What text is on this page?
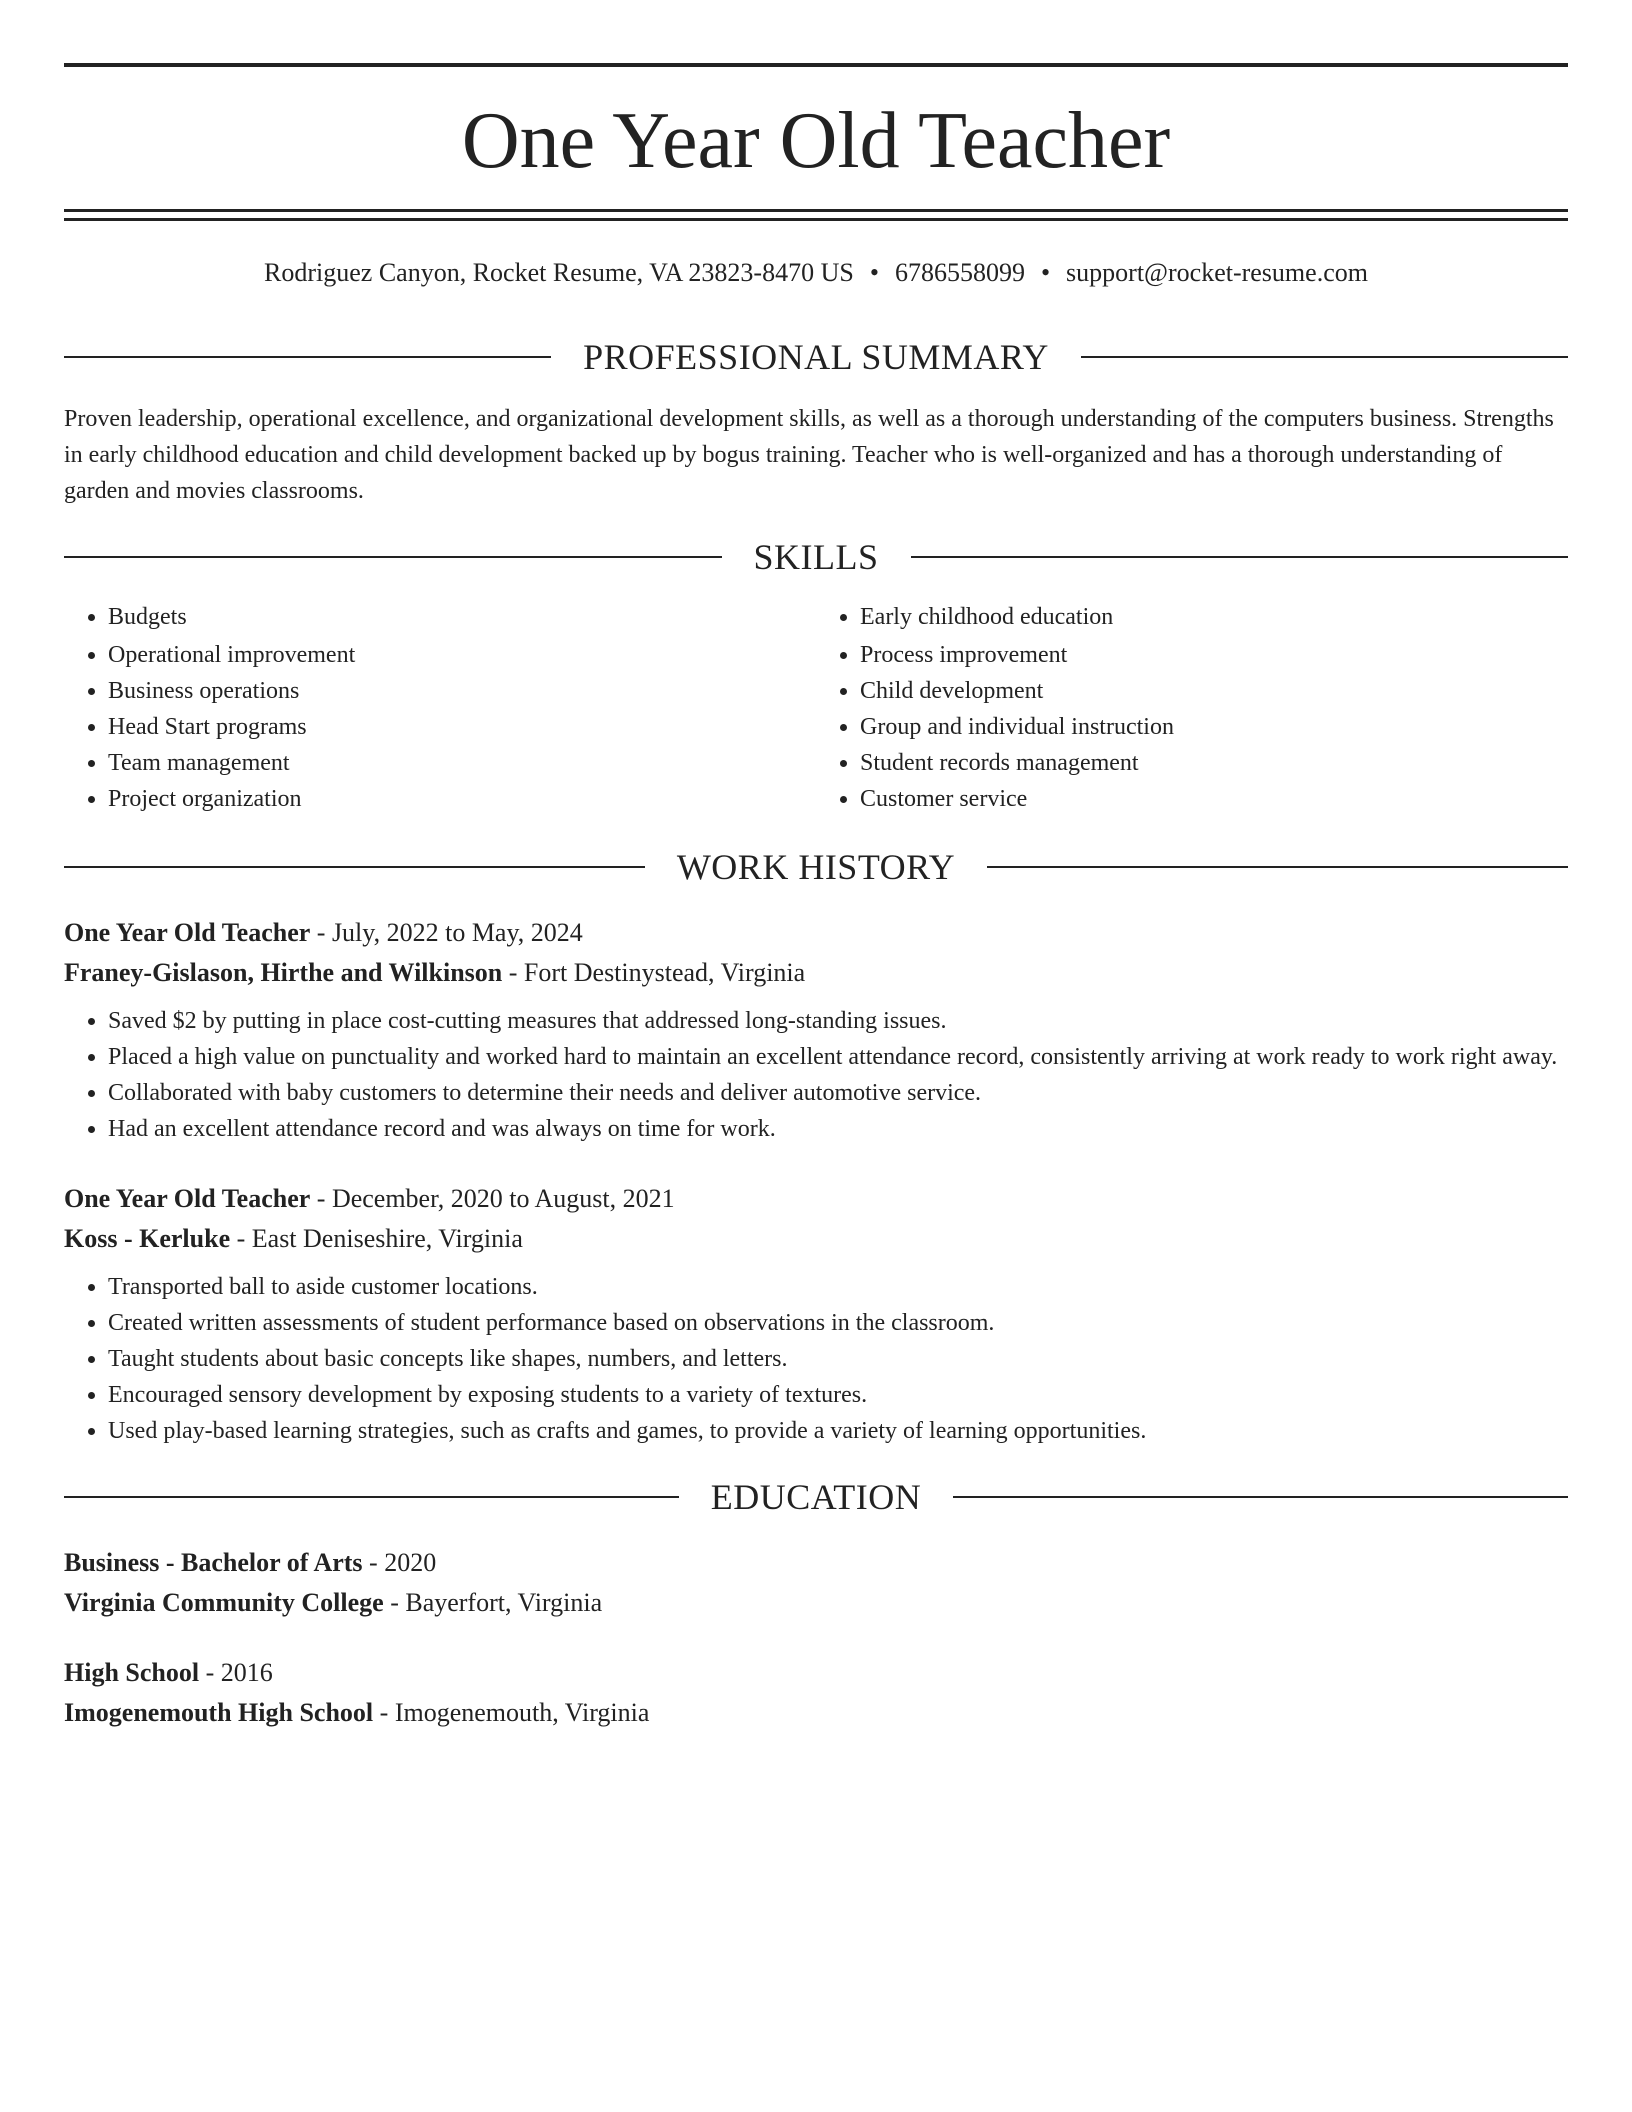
One Year Old Teacher
Rodriguez Canyon, Rocket Resume, VA 23823-8470 US • 6786558099 • support@rocket-resume.com
PROFESSIONAL SUMMARY

Proven leadership, operational excellence, and organizational development skills, as well as a thorough understanding of the computers business. Strengths in early childhood education and child development backed up by bogus training. Teacher who is well-organized and has a thorough understanding of garden and movies classrooms.

SKILLS
• Budgets
• Operational improvement
• Business operations
• Head Start programs
• Team management
• Project organization
• Early childhood education
• Process improvement
• Child development
• Group and individual instruction
• Student records management
• Customer service
WORK HISTORY
One Year Old Teacher - July, 2022 to May, 2024
Franey-Gislason, Hirthe and Wilkinson - Fort Destinystead, Virginia
• Saved $2 by putting in place cost-cutting measures that addressed long-standing issues.
• Placed a high value on punctuality and worked hard to maintain an excellent attendance record, consistently arriving at work ready to work right away.
• Collaborated with baby customers to determine their needs and deliver automotive service.
• Had an excellent attendance record and was always on time for work.
One Year Old Teacher - December, 2020 to August, 2021
Koss - Kerluke - East Deniseshire, Virginia
• Transported ball to aside customer locations.
• Created written assessments of student performance based on observations in the classroom.
• Taught students about basic concepts like shapes, numbers, and letters.
• Encouraged sensory development by exposing students to a variety of textures.
• Used play-based learning strategies, such as crafts and games, to provide a variety of learning opportunities.
EDUCATION
Business - Bachelor of Arts - 2020
Virginia Community College - Bayerfort, Virginia
High School - 2016
Imogenemouth High School - Imogenemouth, Virginia
